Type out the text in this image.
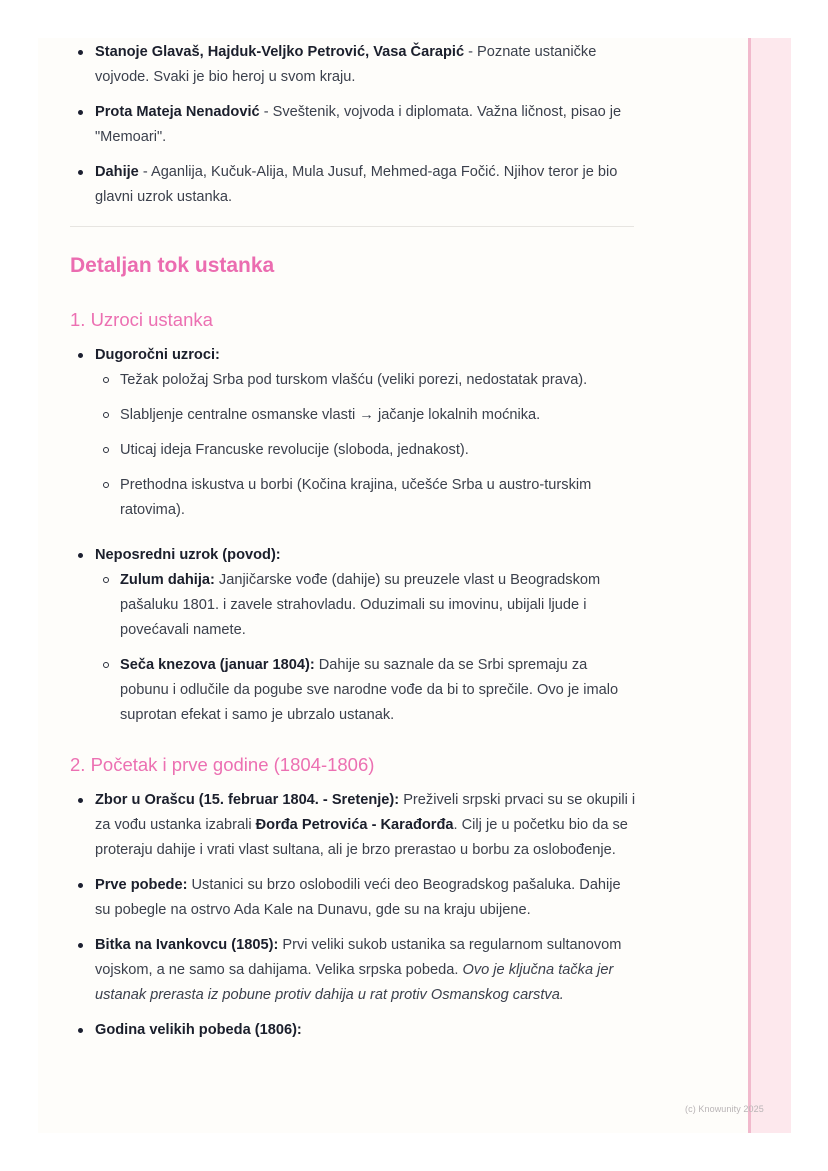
(c) Knowunity 2025
Stanoje Glavaš, Hajduk-Veljko Petrović, Vasa Čarapić - Poznate ustaničke vojvode. Svaki je bio heroj u svom kraju.
Prota Mateja Nenadović - Sveštenik, vojvoda i diplomata. Važna ličnost, pisao je "Memoari".
Dahije - Aganlija, Kučuk-Alija, Mula Jusuf, Mehmed-aga Fočić. Njihov teror je bio glavni uzrok ustanka.
Detaljan tok ustanka
1. Uzroci ustanka
Dugoročni uzroci:
Težak položaj Srba pod turskom vlašću (veliki porezi, nedostatak prava).
Slabljenje centralne osmanske vlasti → jačanje lokalnih moćnika.
Uticaj ideja Francuske revolucije (sloboda, jednakost).
Prethodna iskustva u borbi (Kočina krajina, učešće Srba u austro-turskim ratovima).
Neposredni uzrok (povod):
Zulum dahija: Janjičarske vođe (dahije) su preuzele vlast u Beogradskom pašaluku 1801. i zavele strahovladu. Oduzimali su imovinu, ubijali ljude i povećavali namete.
Seča knezova (januar 1804): Dahije su saznale da se Srbi spremaju za pobunu i odlučile da pogube sve narodne vođe da bi to sprečile. Ovo je imalo suprotan efekat i samo je ubrzalo ustanak.
2. Početak i prve godine (1804-1806)
Zbor u Orašcu (15. februar 1804. - Sretenje): Preživeli srpski prvaci su se okupili i za vođu ustanka izabrali Đorđa Petrovića - Karađorđa. Cilj je u početku bio da se proteraju dahije i vrati vlast sultana, ali je brzo prerastao u borbu za oslobođenje.
Prve pobede: Ustanici su brzo oslobodili veći deo Beogradskog pašaluka. Dahije su pobegle na ostrvo Ada Kale na Dunavu, gde su na kraju ubijene.
Bitka na Ivankovcu (1805): Prvi veliki sukob ustanika sa regularnom sultanovom vojskom, a ne samo sa dahijama. Velika srpska pobeda. Ovo je ključna tačka jer ustanak prerasta iz pobune protiv dahija u rat protiv Osmanskog carstva.
Godina velikih pobeda (1806):
